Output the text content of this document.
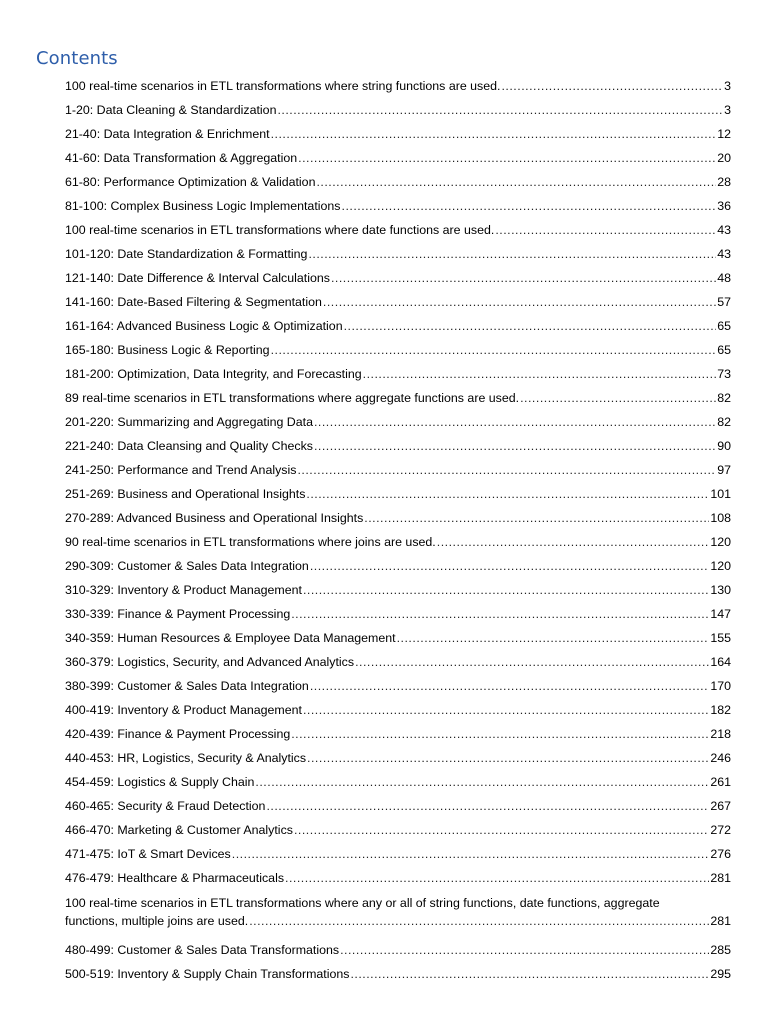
Contents
100 real-time scenarios in ETL transformations where string functions are used. .....	3
1-20: Data Cleaning & Standardization .....	3
21-40: Data Integration & Enrichment .....	12
41-60: Data Transformation & Aggregation .....	20
61-80: Performance Optimization & Validation .....	28
81-100: Complex Business Logic Implementations .....	36
100 real-time scenarios in ETL transformations where date functions are used. .....	43
101-120: Date Standardization & Formatting .....	43
121-140: Date Difference & Interval Calculations .....	48
141-160: Date-Based Filtering & Segmentation .....	57
161-164: Advanced Business Logic & Optimization .....	65
165-180: Business Logic & Reporting .....	65
181-200: Optimization, Data Integrity, and Forecasting .....	73
89 real-time scenarios in ETL transformations where aggregate functions are used. .....	82
201-220: Summarizing and Aggregating Data .....	82
221-240: Data Cleansing and Quality Checks .....	90
241-250: Performance and Trend Analysis .....	97
251-269: Business and Operational Insights .....	101
270-289: Advanced Business and Operational Insights .....	108
90 real-time scenarios in ETL transformations where joins are used. .....	120
290-309: Customer & Sales Data Integration .....	120
310-329: Inventory & Product Management .....	130
330-339: Finance & Payment Processing .....	147
340-359: Human Resources & Employee Data Management .....	155
360-379: Logistics, Security, and Advanced Analytics .....	164
380-399: Customer & Sales Data Integration .....	170
400-419: Inventory & Product Management .....	182
420-439: Finance & Payment Processing .....	218
440-453: HR, Logistics, Security & Analytics .....	246
454-459: Logistics & Supply Chain .....	261
460-465: Security & Fraud Detection .....	267
466-470: Marketing & Customer Analytics .....	272
471-475: IoT & Smart Devices .....	276
476-479: Healthcare & Pharmaceuticals .....	281
100 real-time scenarios in ETL transformations where any or all of string functions, date functions, aggregate
functions, multiple joins are used. .....	281
480-499: Customer & Sales Data Transformations .....	285
500-519: Inventory & Supply Chain Transformations .....	295
